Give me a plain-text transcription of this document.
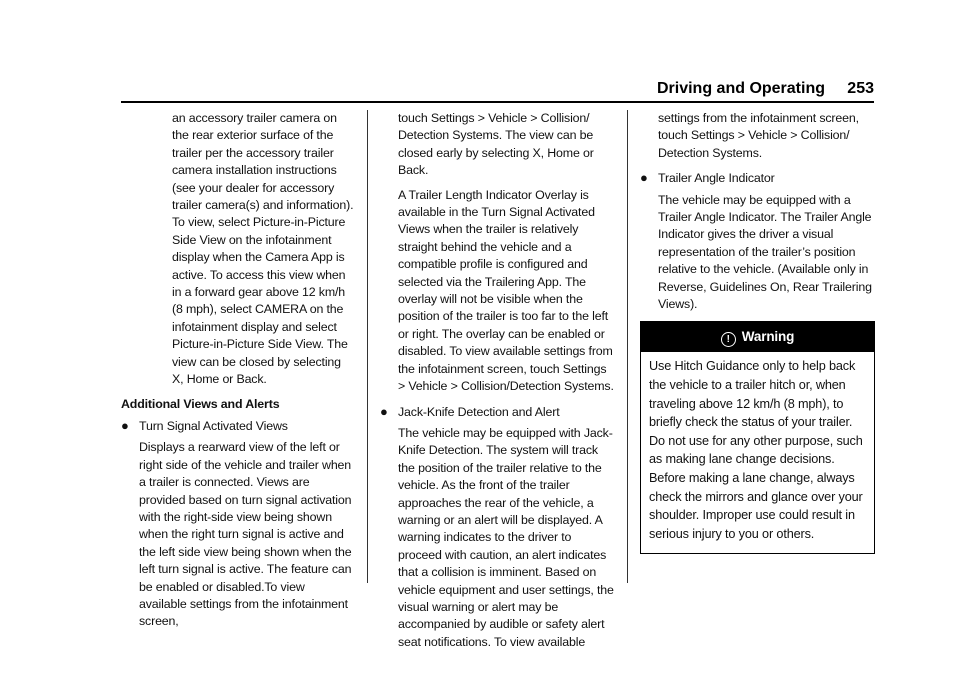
Driving and Operating 253

an accessory trailer camera on the rear exterior surface of the trailer per the accessory trailer camera installation instructions (see your dealer for accessory trailer camera(s) and information). To view, select Picture-in-Picture Side View on the infotainment display when the Camera App is active. To access this view when in a forward gear above 12 km/h (8 mph), select CAMERA on the infotainment display and select Picture-in-Picture Side View. The view can be closed by selecting X, Home or Back.

Additional Views and Alerts
● Turn Signal Activated Views

Displays a rearward view of the left or right side of the vehicle and trailer when a trailer is connected. Views are provided based on turn signal activation with the right-side view being shown when the right turn signal is active and the left side view being shown when the left turn signal is active. The feature can be enabled or disabled.To view available settings from the infotainment screen,

touch Settings > Vehicle > Collision/ Detection Systems. The view can be closed early by selecting X, Home or Back.

A Trailer Length Indicator Overlay is available in the Turn Signal Activated Views when the trailer is relatively straight behind the vehicle and a compatible profile is configured and selected via the Trailering App. The overlay will not be visible when the position of the trailer is too far to the left or right. The overlay can be enabled or disabled. To view available settings from the infotainment screen, touch Settings > Vehicle > Collision/Detection Systems.

● Jack-Knife Detection and Alert

The vehicle may be equipped with Jack-Knife Detection. The system will track the position of the trailer relative to the vehicle. As the front of the trailer approaches the rear of the vehicle, a warning or an alert will be displayed. A warning indicates to the driver to proceed with caution, an alert indicates that a collision is imminent. Based on vehicle equipment and user settings, the visual warning or alert may be accompanied by audible or safety alert seat notifications. To view available

settings from the infotainment screen, touch Settings > Vehicle > Collision/ Detection Systems.

● Trailer Angle Indicator

The vehicle may be equipped with a Trailer Angle Indicator. The Trailer Angle Indicator gives the driver a visual representation of the trailer’s position relative to the vehicle. (Available only in Reverse, Guidelines On, Rear Trailering Views).

! Warning
Use Hitch Guidance only to help back the vehicle to a trailer hitch or, when traveling above 12 km/h (8 mph), to briefly check the status of your trailer. Do not use for any other purpose, such as making lane change decisions. Before making a lane change, always check the mirrors and glance over your shoulder. Improper use could result in serious injury to you or others.
